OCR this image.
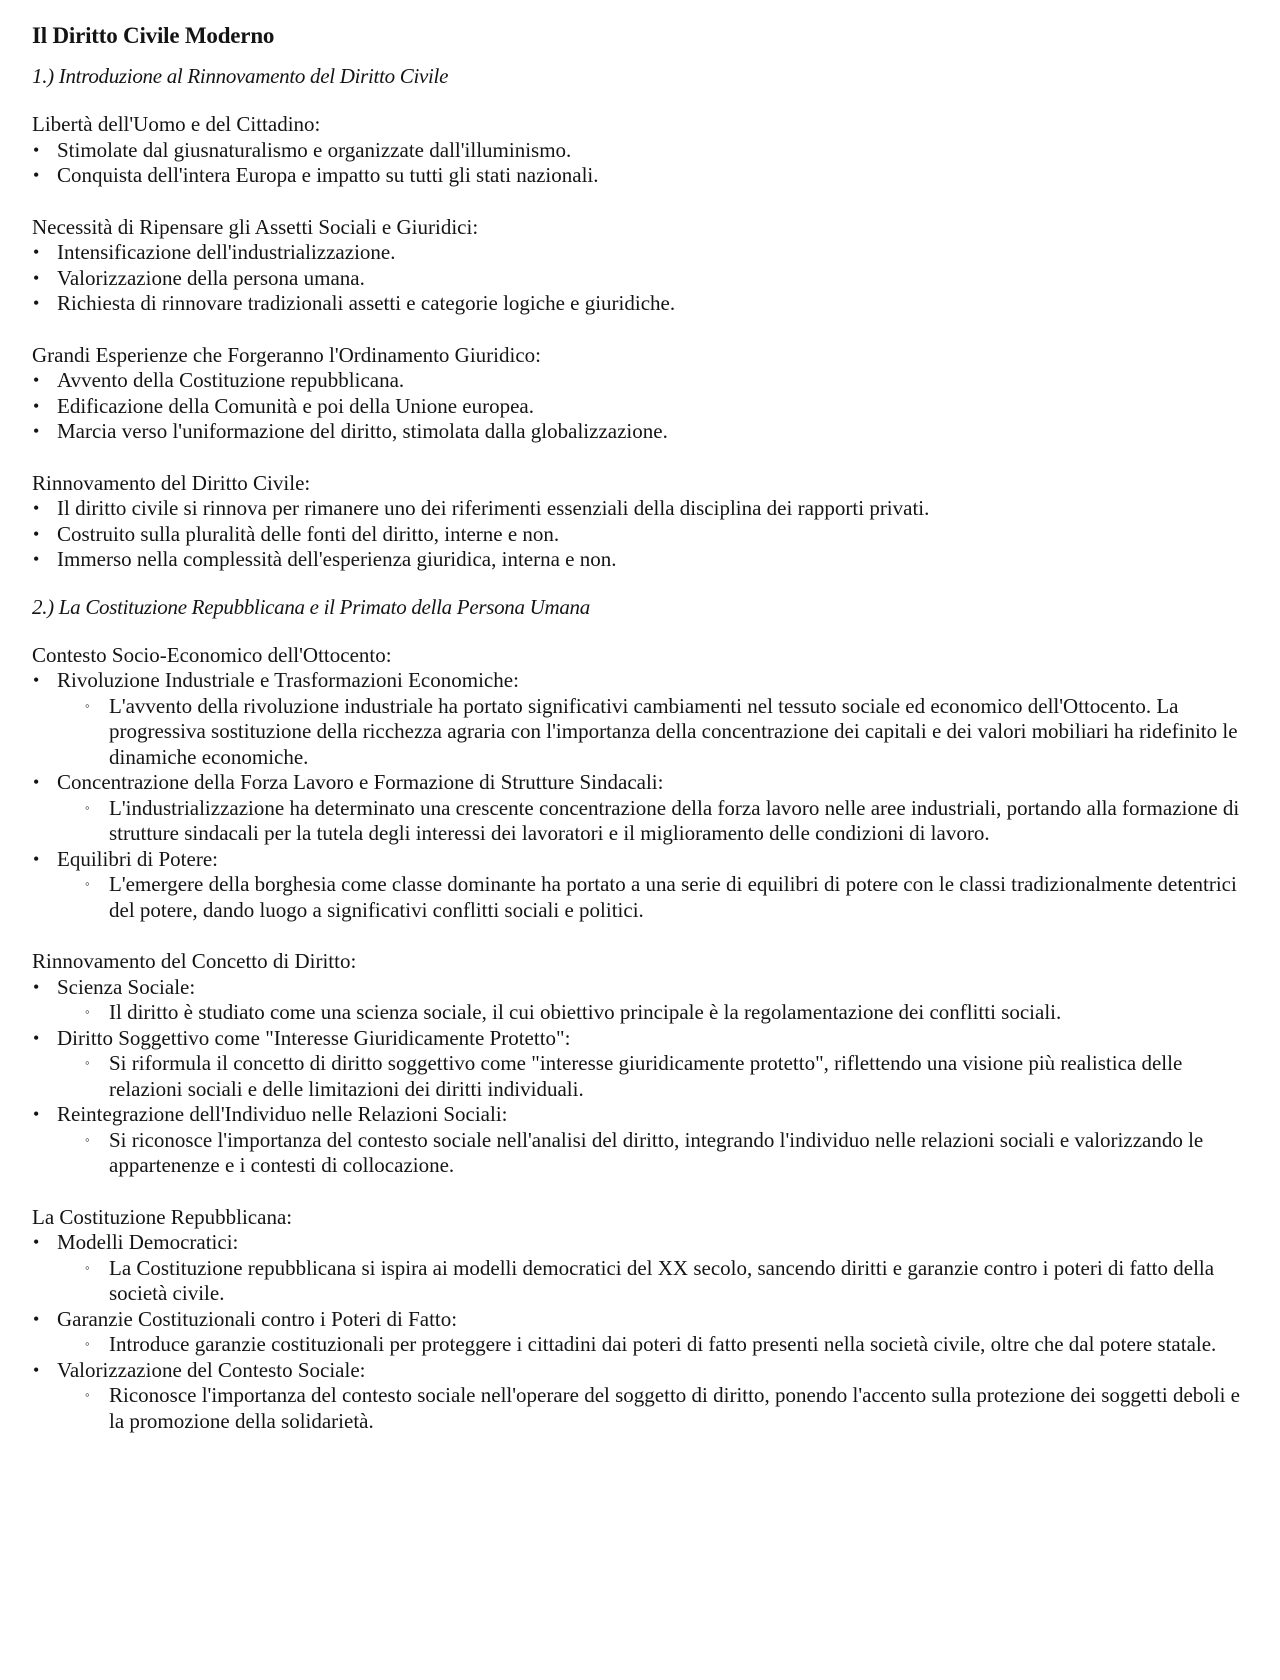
Il Diritto Civile Moderno
1.) Introduzione al Rinnovamento del Diritto Civile
Libertà dell'Uomo e del Cittadino:
• Stimolate dal giusnaturalismo e organizzate dall'illuminismo.
• Conquista dell'intera Europa e impatto su tutti gli stati nazionali.
Necessità di Ripensare gli Assetti Sociali e Giuridici:
• Intensificazione dell'industrializzazione.
• Valorizzazione della persona umana.
• Richiesta di rinnovare tradizionali assetti e categorie logiche e giuridiche.
Grandi Esperienze che Forgeranno l'Ordinamento Giuridico:
• Avvento della Costituzione repubblicana.
• Edificazione della Comunità e poi della Unione europea.
• Marcia verso l'uniformazione del diritto, stimolata dalla globalizzazione.
Rinnovamento del Diritto Civile:
• Il diritto civile si rinnova per rimanere uno dei riferimenti essenziali della disciplina dei rapporti privati.
• Costruito sulla pluralità delle fonti del diritto, interne e non.
• Immerso nella complessità dell'esperienza giuridica, interna e non.
2.) La Costituzione Repubblicana e il Primato della Persona Umana
Contesto Socio-Economico dell'Ottocento:
• Rivoluzione Industriale e Trasformazioni Economiche:
◦ L'avvento della rivoluzione industriale ha portato significativi cambiamenti nel tessuto sociale ed economico dell'Ottocento. La progressiva sostituzione della ricchezza agraria con l'importanza della concentrazione dei capitali e dei valori mobiliari ha ridefinito le dinamiche economiche.
• Concentrazione della Forza Lavoro e Formazione di Strutture Sindacali:
◦ L'industrializzazione ha determinato una crescente concentrazione della forza lavoro nelle aree industriali, portando alla formazione di strutture sindacali per la tutela degli interessi dei lavoratori e il miglioramento delle condizioni di lavoro.
• Equilibri di Potere:
◦ L'emergere della borghesia come classe dominante ha portato a una serie di equilibri di potere con le classi tradizionalmente detentrici del potere, dando luogo a significativi conflitti sociali e politici.
Rinnovamento del Concetto di Diritto:
• Scienza Sociale:
◦ Il diritto è studiato come una scienza sociale, il cui obiettivo principale è la regolamentazione dei conflitti sociali.
• Diritto Soggettivo come "Interesse Giuridicamente Protetto":
◦ Si riformula il concetto di diritto soggettivo come "interesse giuridicamente protetto", riflettendo una visione più realistica delle relazioni sociali e delle limitazioni dei diritti individuali.
• Reintegrazione dell'Individuo nelle Relazioni Sociali:
◦ Si riconosce l'importanza del contesto sociale nell'analisi del diritto, integrando l'individuo nelle relazioni sociali e valorizzando le appartenenze e i contesti di collocazione.
La Costituzione Repubblicana:
• Modelli Democratici:
◦ La Costituzione repubblicana si ispira ai modelli democratici del XX secolo, sancendo diritti e garanzie contro i poteri di fatto della società civile.
• Garanzie Costituzionali contro i Poteri di Fatto:
◦ Introduce garanzie costituzionali per proteggere i cittadini dai poteri di fatto presenti nella società civile, oltre che dal potere statale.
• Valorizzazione del Contesto Sociale:
◦ Riconosce l'importanza del contesto sociale nell'operare del soggetto di diritto, ponendo l'accento sulla protezione dei soggetti deboli e la promozione della solidarietà.
